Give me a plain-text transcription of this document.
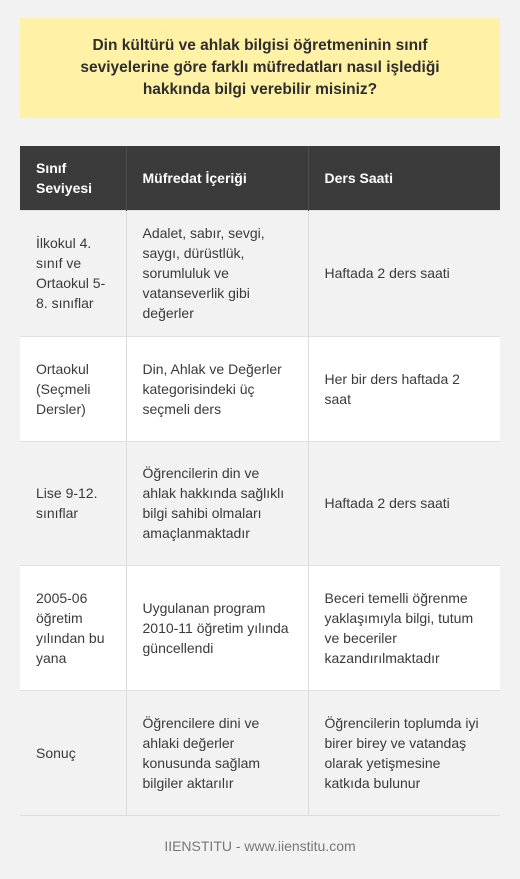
Din kültürü ve ahlak bilgisi öğretmeninin sınıf seviyelerine göre farklı müfredatları nasıl işlediği hakkında bilgi verebilir misiniz?
Sınıf Seviyesi	Müfredat İçeriği	Ders Saati
İlkokul 4. sınıf ve Ortaokul 5-8. sınıflar	Adalet, sabır, sevgi, saygı, dürüstlük, sorumluluk ve vatanseverlik gibi değerler	Haftada 2 ders saati
Ortaokul (Seçmeli Dersler)	Din, Ahlak ve Değerler kategorisindeki üç seçmeli ders	Her bir ders haftada 2 saat
Lise 9-12. sınıflar	Öğrencilerin din ve ahlak hakkında sağlıklı bilgi sahibi olmaları amaçlanmaktadır	Haftada 2 ders saati
2005-06 öğretim yılından bu yana	Uygulanan program 2010-11 öğretim yılında güncellendi	Beceri temelli öğrenme yaklaşımıyla bilgi, tutum ve beceriler kazandırılmaktadır
Sonuç	Öğrencilere dini ve ahlaki değerler konusunda sağlam bilgiler aktarılır	Öğrencilerin toplumda iyi birer birey ve vatandaş olarak yetişmesine katkıda bulunur
IIENSTITU - www.iienstitu.com
